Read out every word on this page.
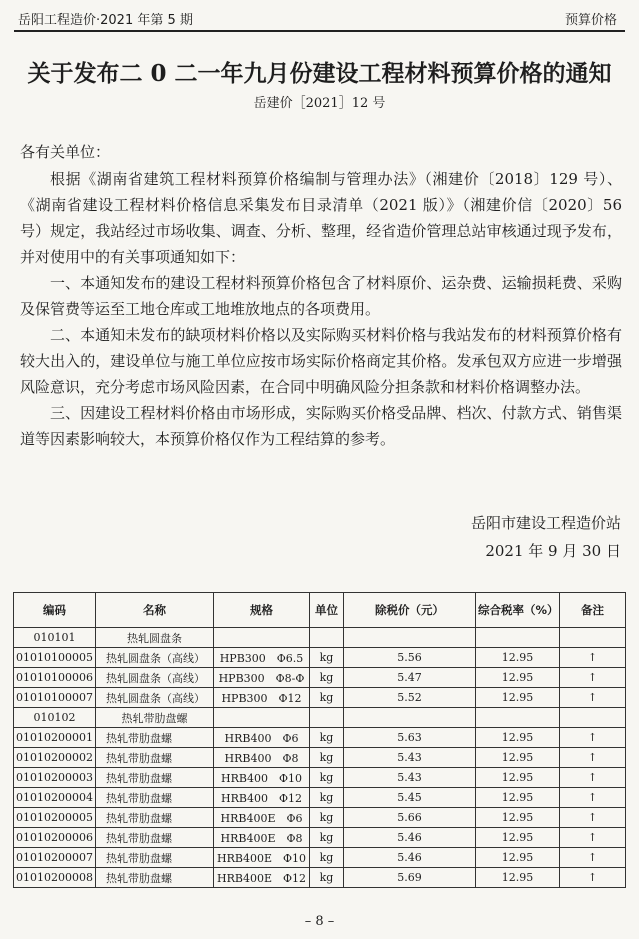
岳阳工程造价·2021 年第 5 期	预算价格
关于发布二 0 二一年九月份建设工程材料预算价格的通知
岳建价［2021］12 号
各有关单位：

根据《湖南省建筑工程材料预算价格编制与管理办法》（湘建价〔2018〕129 号）、《湖南省建设工程材料价格信息采集发布目录清单（2021 版）》（湘建价信〔2020〕56 号）规定，我站经过市场收集、调查、分析、整理，经省造价管理总站审核通过现予发布，并对使用中的有关事项通知如下：

一、本通知发布的建设工程材料预算价格包含了材料原价、运杂费、运输损耗费、采购及保管费等运至工地仓库或工地堆放地点的各项费用。

二、本通知未发布的缺项材料价格以及实际购买材料价格与我站发布的材料预算价格有较大出入的，建设单位与施工单位应按市场实际价格商定其价格。发承包双方应进一步增强风险意识，充分考虑市场风险因素，在合同中明确风险分担条款和材料价格调整办法。

三、因建设工程材料价格由市场形成，实际购买价格受品牌、档次、付款方式、销售渠道等因素影响较大，本预算价格仅作为工程结算的参考。

岳阳市建设工程造价站
2021 年 9 月 30 日
编码	名称	规格	单位	除税价（元）	综合税率（%）	备注
010101	热轧圆盘条					
01010100005	热轧圆盘条（高线）	HPB300　Φ6.5	kg	5.56	12.95	↑
01010100006	热轧圆盘条（高线）	HPB300　Φ8-Φ	kg	5.47	12.95	↑
01010100007	热轧圆盘条（高线）	HPB300　Φ12	kg	5.52	12.95	↑
010102	热轧带肋盘螺					
01010200001	热轧带肋盘螺	HRB400　Φ6	kg	5.63	12.95	↑
01010200002	热轧带肋盘螺	HRB400　Φ8	kg	5.43	12.95	↑
01010200003	热轧带肋盘螺	HRB400　Φ10	kg	5.43	12.95	↑
01010200004	热轧带肋盘螺	HRB400　Φ12	kg	5.45	12.95	↑
01010200005	热轧带肋盘螺	HRB400E　Φ6	kg	5.66	12.95	↑
01010200006	热轧带肋盘螺	HRB400E　Φ8	kg	5.46	12.95	↑
01010200007	热轧带肋盘螺	HRB400E　Φ10	kg	5.46	12.95	↑
01010200008	热轧带肋盘螺	HRB400E　Φ12	kg	5.69	12.95	↑
– 8 –
